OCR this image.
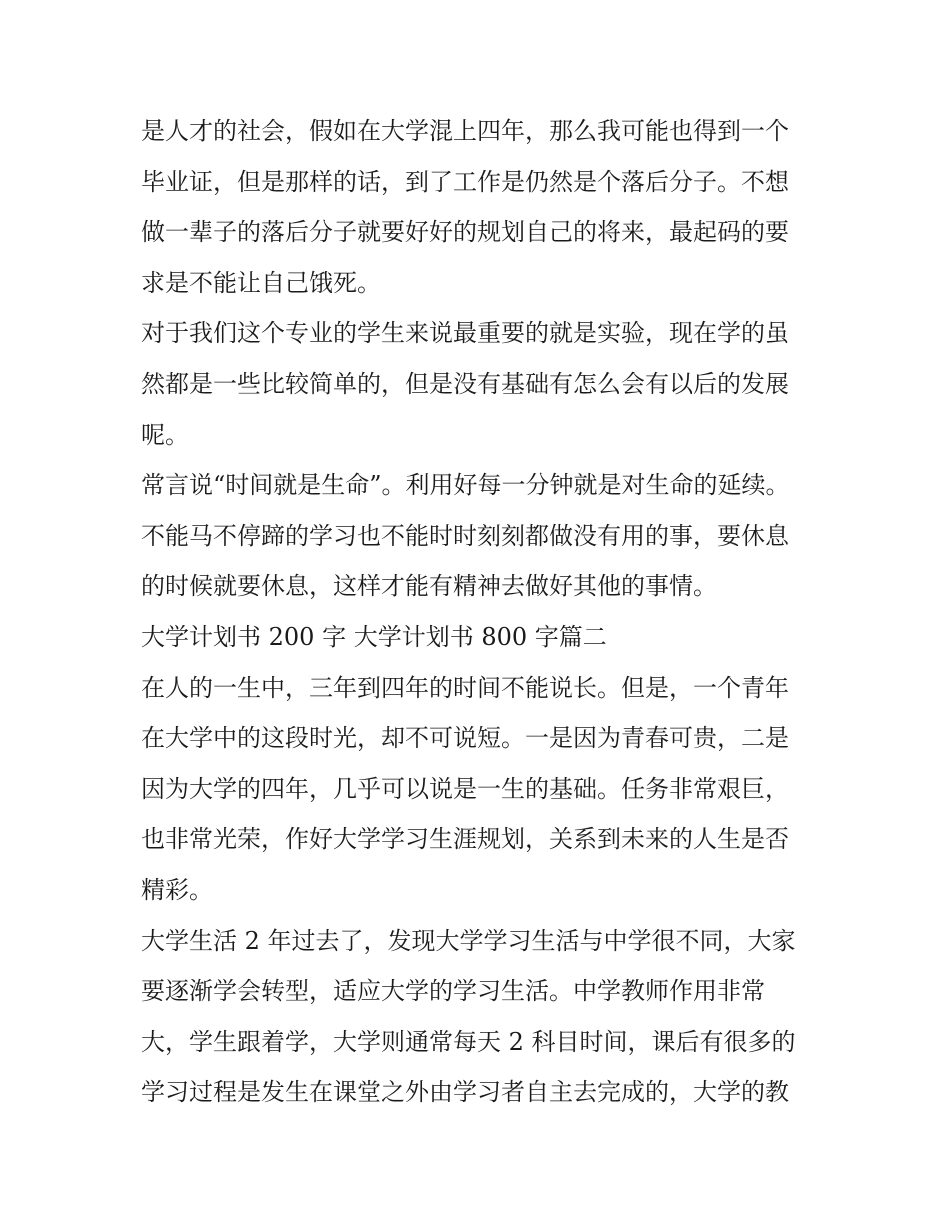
是人才的社会，假如在大学混上四年，那么我可能也得到一个
毕业证，但是那样的话，到了工作是仍然是个落后分子。不想
做一辈子的落后分子就要好好的规划自己的将来，最起码的要
求是不能让自己饿死。

对于我们这个专业的学生来说最重要的就是实验，现在学的虽
然都是一些比较简单的，但是没有基础有怎么会有以后的发展
呢。

常言说“时间就是生命”。利用好每一分钟就是对生命的延续。
不能马不停蹄的学习也不能时时刻刻都做没有用的事，要休息
的时候就要休息，这样才能有精神去做好其他的事情。

大学计划书 200 字 大学计划书 800 字篇二

在人的一生中，三年到四年的时间不能说长。但是，一个青年
在大学中的这段时光，却不可说短。一是因为青春可贵，二是
因为大学的四年，几乎可以说是一生的基础。任务非常艰巨，
也非常光荣，作好大学学习生涯规划，关系到未来的人生是否
精彩。

大学生活 2 年过去了，发现大学学习生活与中学很不同，大家
要逐渐学会转型，适应大学的学习生活。中学教师作用非常
大，学生跟着学，大学则通常每天 2 科目时间，课后有很多的
学习过程是发生在课堂之外由学习者自主去完成的，大学的教
